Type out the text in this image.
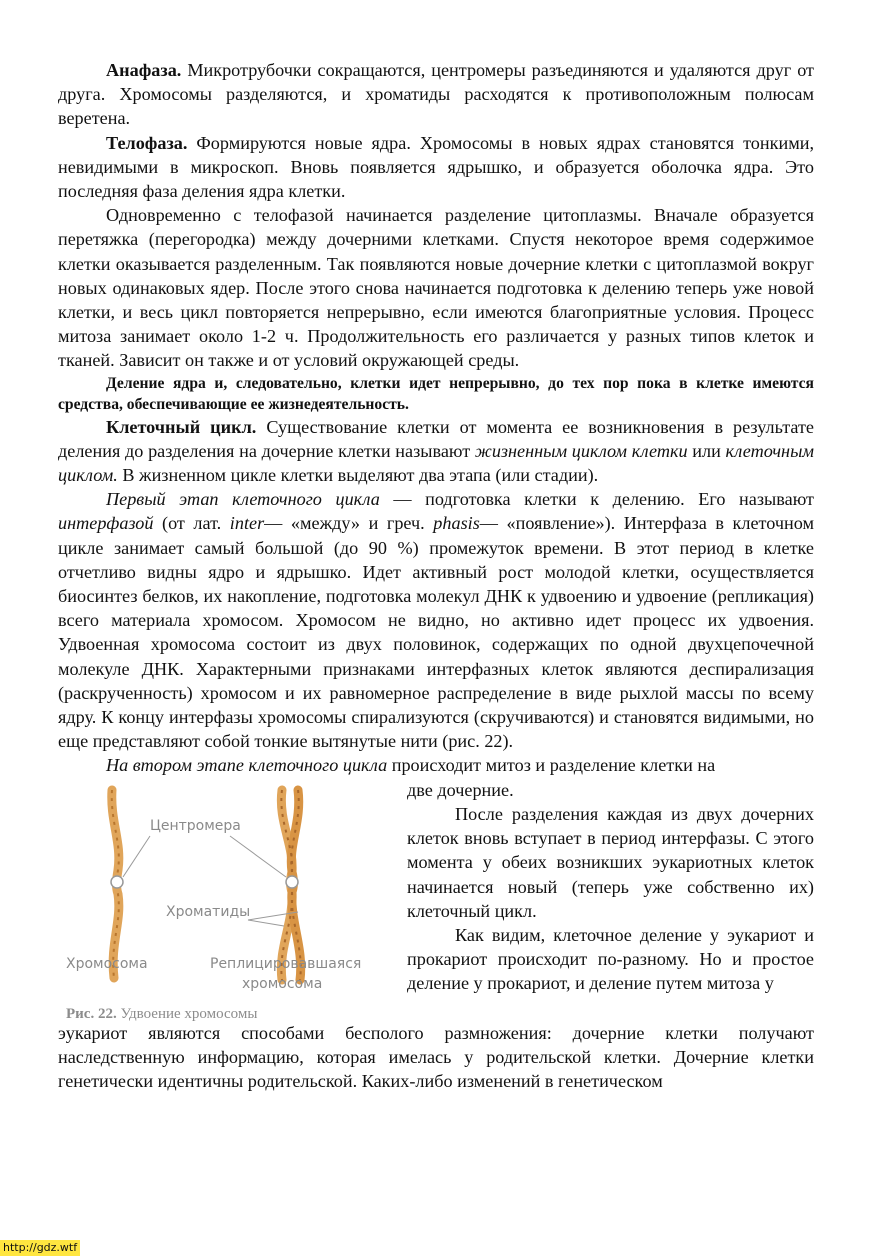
Анафаза. Микротрубочки сокращаются, центромеры разъединяются и удаляются друг от друга. Хромосомы разделяются, и хроматиды расходятся к противоположным полюсам веретена.

Телофаза. Формируются новые ядра. Хромосомы в новых ядрах становятся тонкими, невидимыми в микроскоп. Вновь появляется ядрышко, и образуется оболочка ядра. Это последняя фаза деления ядра клетки.

Одновременно с телофазой начинается разделение цитоплазмы. Вначале образуется перетяжка (перегородка) между дочерними клетками. Спустя некоторое время содержимое клетки оказывается разделенным. Так появляются новые дочерние клетки с цитоплазмой вокруг новых одинаковых ядер. После этого снова начинается подготовка к делению теперь уже новой клетки, и весь цикл повторяется непрерывно, если имеются благоприятные условия. Процесс митоза занимает около 1-2 ч. Продолжительность его различается у разных типов клеток и тканей. Зависит он также и от условий окружающей среды.

Деление ядра и, следовательно, клетки идет непрерывно, до тех пор пока в клетке имеются средства, обеспечивающие ее жизнедеятельность.

Клеточный цикл. Существование клетки от момента ее возникновения в результате деления до разделения на дочерние клетки называют жизненным циклом клетки или клеточным циклом. В жизненном цикле клетки выделяют два этапа (или стадии).

Первый этап клеточного цикла — подготовка клетки к делению. Его называют интерфазой (от лат. inter— «между» и греч. phasis— «появление»). Интерфаза в клеточном цикле занимает самый большой (до 90 %) промежуток времени. В этот период в клетке отчетливо видны ядро и ядрышко. Идет активный рост молодой клетки, осуществляется биосинтез белков, их накопление, подготовка молекул ДНК к удвоению и удвоение (репликация) всего материала хромосом. Хромосом не видно, но активно идет процесс их удвоения. Удвоенная хромосома состоит из двух половинок, содержащих по одной двухцепочечной молекуле ДНК. Характерными признаками интерфазных клеток являются деспирализация (раскрученность) хромосом и их равномерное распределение в виде рыхлой массы по всему ядру. К концу интерфазы хромосомы спирализуются (скручиваются) и становятся видимыми, но еще представляют собой тонкие вытянутые нити (рис. 22).

На втором этапе клеточного цикла происходит митоз и разделение клетки на

Центромера
Хроматиды
Хромосома	Реплицировавшаяся
хромосома
Рис. 22. Удвоение хромосомы

две дочерние.

После разделения каждая из двух дочерних клеток вновь вступает в период интерфазы. С этого момента у обеих возникших эукариотных клеток начинается новый (теперь уже собственно их) клеточный цикл.

Как видим, клеточное деление у эукариот и прокариот происходит по-разному. Но и простое деление у прокариот, и деление путем митоза у

эукариот являются способами бесполого размножения: дочерние клетки получают наследственную информацию, которая имелась у родительской клетки. Дочерние клетки генетически идентичны родительской. Каких-либо изменений в генетическом

http://gdz.wtf
